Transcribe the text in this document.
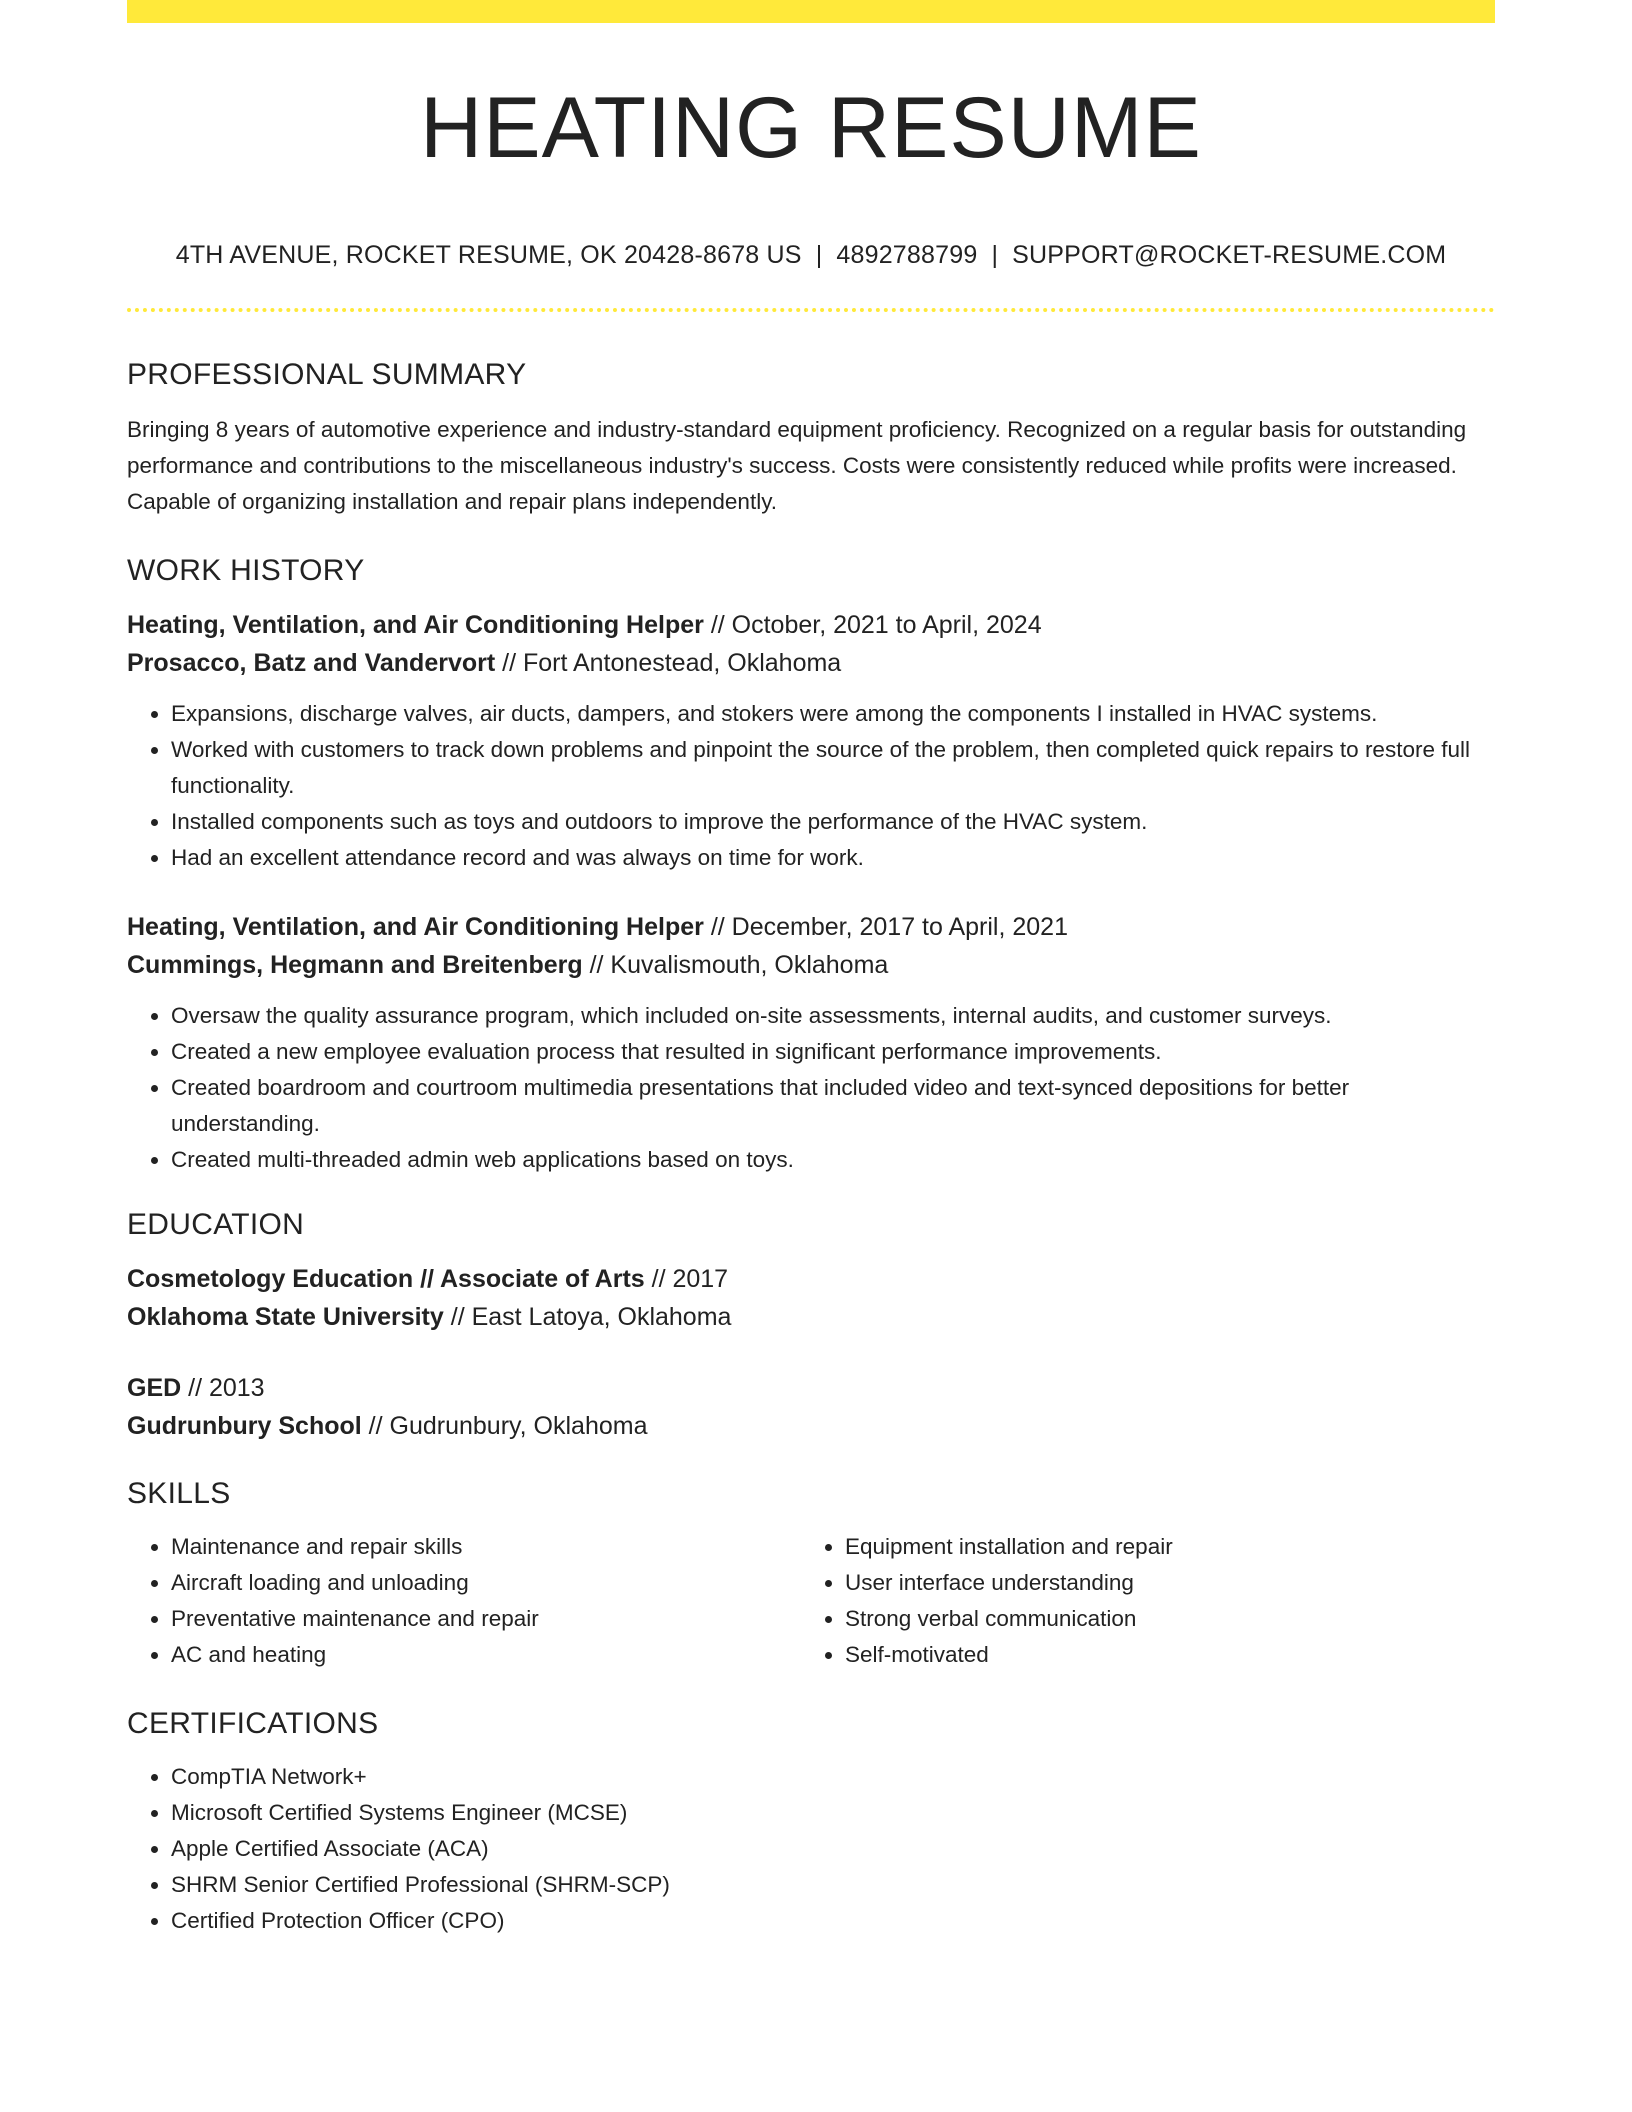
HEATING RESUME
4TH AVENUE, ROCKET RESUME, OK 20428-8678 US | 4892788799 | SUPPORT@ROCKET-RESUME.COM
PROFESSIONAL SUMMARY

Bringing 8 years of automotive experience and industry-standard equipment proficiency. Recognized on a regular basis for outstanding performance and contributions to the miscellaneous industry's success. Costs were consistently reduced while profits were increased. Capable of organizing installation and repair plans independently.

WORK HISTORY

Heating, Ventilation, and Air Conditioning Helper // October, 2021 to April, 2024

Prosacco, Batz and Vandervort // Fort Antonestead, Oklahoma

• Expansions, discharge valves, air ducts, dampers, and stokers were among the components I installed in HVAC systems.
• Worked with customers to track down problems and pinpoint the source of the problem, then completed quick repairs to restore full functionality.
• Installed components such as toys and outdoors to improve the performance of the HVAC system.
• Had an excellent attendance record and was always on time for work.

Heating, Ventilation, and Air Conditioning Helper // December, 2017 to April, 2021

Cummings, Hegmann and Breitenberg // Kuvalismouth, Oklahoma

• Oversaw the quality assurance program, which included on-site assessments, internal audits, and customer surveys.
• Created a new employee evaluation process that resulted in significant performance improvements.
• Created boardroom and courtroom multimedia presentations that included video and text-synced depositions for better understanding.
• Created multi-threaded admin web applications based on toys.
EDUCATION

Cosmetology Education // Associate of Arts // 2017

Oklahoma State University // East Latoya, Oklahoma

GED // 2013

Gudrunbury School // Gudrunbury, Oklahoma

SKILLS
• Maintenance and repair skills
• Aircraft loading and unloading
• Preventative maintenance and repair
• AC and heating
• Equipment installation and repair
• User interface understanding
• Strong verbal communication
• Self-motivated
CERTIFICATIONS
• CompTIA Network+
• Microsoft Certified Systems Engineer (MCSE)
• Apple Certified Associate (ACA)
• SHRM Senior Certified Professional (SHRM-SCP)
• Certified Protection Officer (CPO)
